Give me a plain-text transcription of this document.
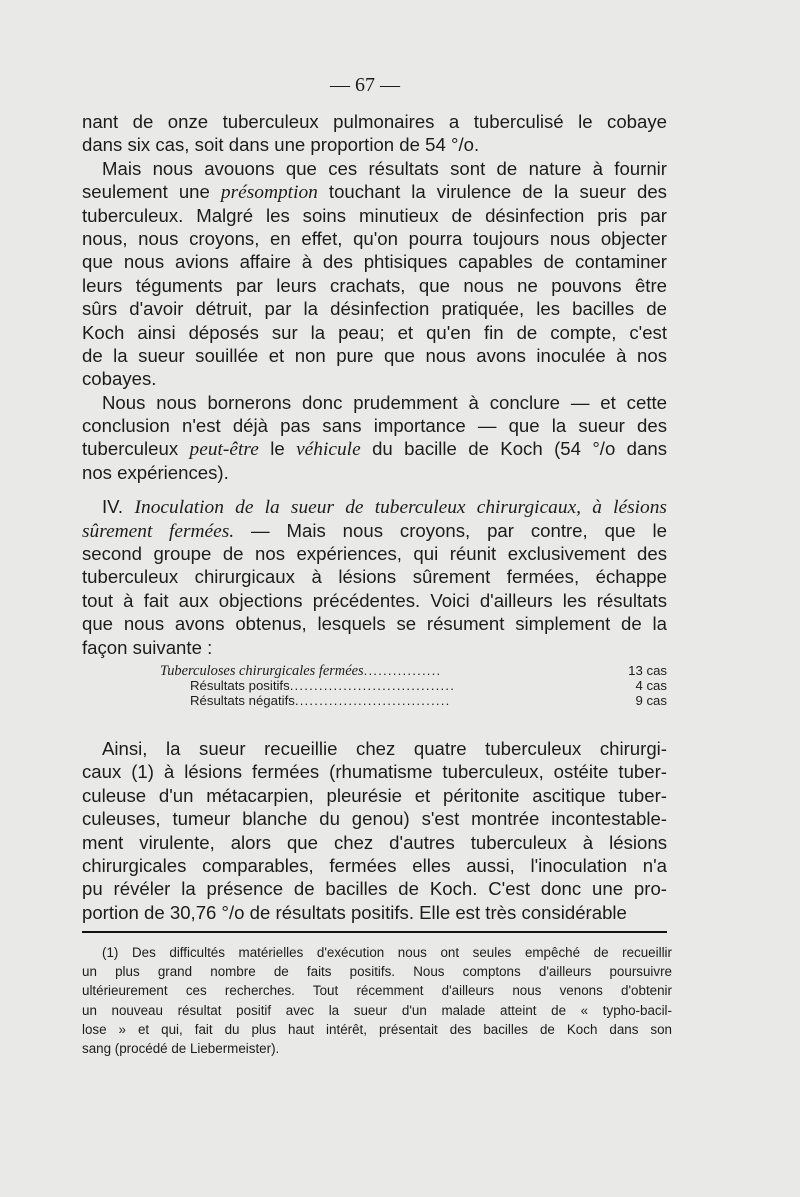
— 67 —
nant de onze tuberculeux pulmonaires a tuberculisé le cobaye
dans six cas, soit dans une proportion de 54 °/o.
Mais nous avouons que ces résultats sont de nature à fournir
seulement une présomption touchant la virulence de la sueur des
tuberculeux. Malgré les soins minutieux de désinfection pris par
nous, nous croyons, en effet, qu'on pourra toujours nous objecter
que nous avions affaire à des phtisiques capables de contaminer
leurs téguments par leurs crachats, que nous ne pouvons être
sûrs d'avoir détruit, par la désinfection pratiquée, les bacilles de
Koch ainsi déposés sur la peau; et qu'en fin de compte, c'est
de la sueur souillée et non pure que nous avons inoculée à nos
cobayes.
Nous nous bornerons donc prudemment à conclure — et cette
conclusion n'est déjà pas sans importance — que la sueur des
tuberculeux peut-être le véhicule du bacille de Koch (54 °/o dans
nos expériences).
IV. Inoculation de la sueur de tuberculeux chirurgicaux, à lésions
sûrement fermées. — Mais nous croyons, par contre, que le
second groupe de nos expériences, qui réunit exclusivement des
tuberculeux chirurgicaux à lésions sûrement fermées, échappe
tout à fait aux objections précédentes. Voici d'ailleurs les résultats
que nous avons obtenus, lesquels se résument simplement de la
façon suivante :
Tuberculoses chirurgicales fermées................	13 cas
Résultats positifs..................................	4 cas
Résultats négatifs................................	9 cas
Ainsi, la sueur recueillie chez quatre tuberculeux chirurgi-
caux (1) à lésions fermées (rhumatisme tuberculeux, ostéite tuber-
culeuse d'un métacarpien, pleurésie et péritonite ascitique tuber-
culeuses, tumeur blanche du genou) s'est montrée incontestable-
ment virulente, alors que chez d'autres tuberculeux à lésions
chirurgicales comparables, fermées elles aussi, l'inoculation n'a
pu révéler la présence de bacilles de Koch. C'est donc une pro-
portion de 30,76 °/o de résultats positifs. Elle est très considérable
(1) Des difficultés matérielles d'exécution nous ont seules empêché de recueillir
un plus grand nombre de faits positifs. Nous comptons d'ailleurs poursuivre
ultérieurement ces recherches. Tout récemment d'ailleurs nous venons d'obtenir
un nouveau résultat positif avec la sueur d'un malade atteint de « typho-bacil-
lose » et qui, fait du plus haut intérêt, présentait des bacilles de Koch dans son
sang (procédé de Liebermeister).
